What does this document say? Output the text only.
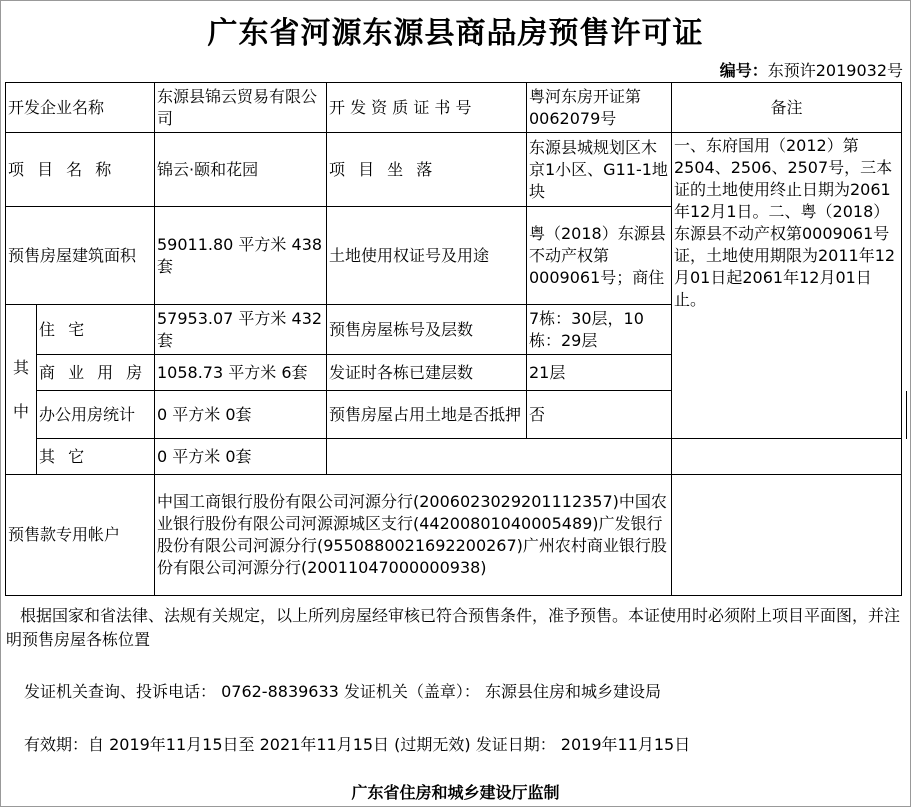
广东省河源东源县商品房预售许可证
编号：东预许2019032号
开发企业名称		东源县锦云贸易有限公司	开 发 资 质 证 书 号	粤河东房开证第0062079号	备注	
项 目 名 称		锦云·颐和花园	项 目 坐 落	东源县城规划区木京1小区、G11-1地块	一、东府国用（2012）第2504、2506、2507号，三本证的土地使用终止日期为2061年12月1日。二、粤（2018）东源县不动产权第0009061号证，土地使用期限为2011年12月01日起2061年12月01日止。	
预售房屋建筑面积		59011.80 平方米 438套	土地使用权证号及用途	粤（2018）东源县不动产权第0009061号；商住		
其中	住 宅	57953.07 平方米 432套	预售房屋栋号及层数	7栋：30层，10栋：29层		
	商 业 用 房	1058.73 平方米 6套	发证时各栋已建层数	21层		
	办公用房统计	0 平方米 0套	预售房屋占用土地是否抵押	否		
	其 它	0 平方米 0套				
预售款专用帐户		中国工商银行股份有限公司河源分行(20060230292011123​57)中国农业银行股份有限公司河源源城区支行(44200801040005489)广发银行股份有限公司河源分行(9550880021692200267)广州农村商业银行股份有限公司河源分行(20011047000000938)				
根据国家和省法律、法规有关规定，以上所列房屋经审核已符合预售条件，准予预售。本证使用时必须附上项目平面图，并注明预售房屋各栋位置
发证机关查询、投诉电话： 0762-8839633 发证机关（盖章）： 东源县住房和城乡建设局
有效期：自 2019年11月15日至 2021年11月15日 (过期无效) 发证日期： 2019年11月15日
广东省住房和城乡建设厅监制
